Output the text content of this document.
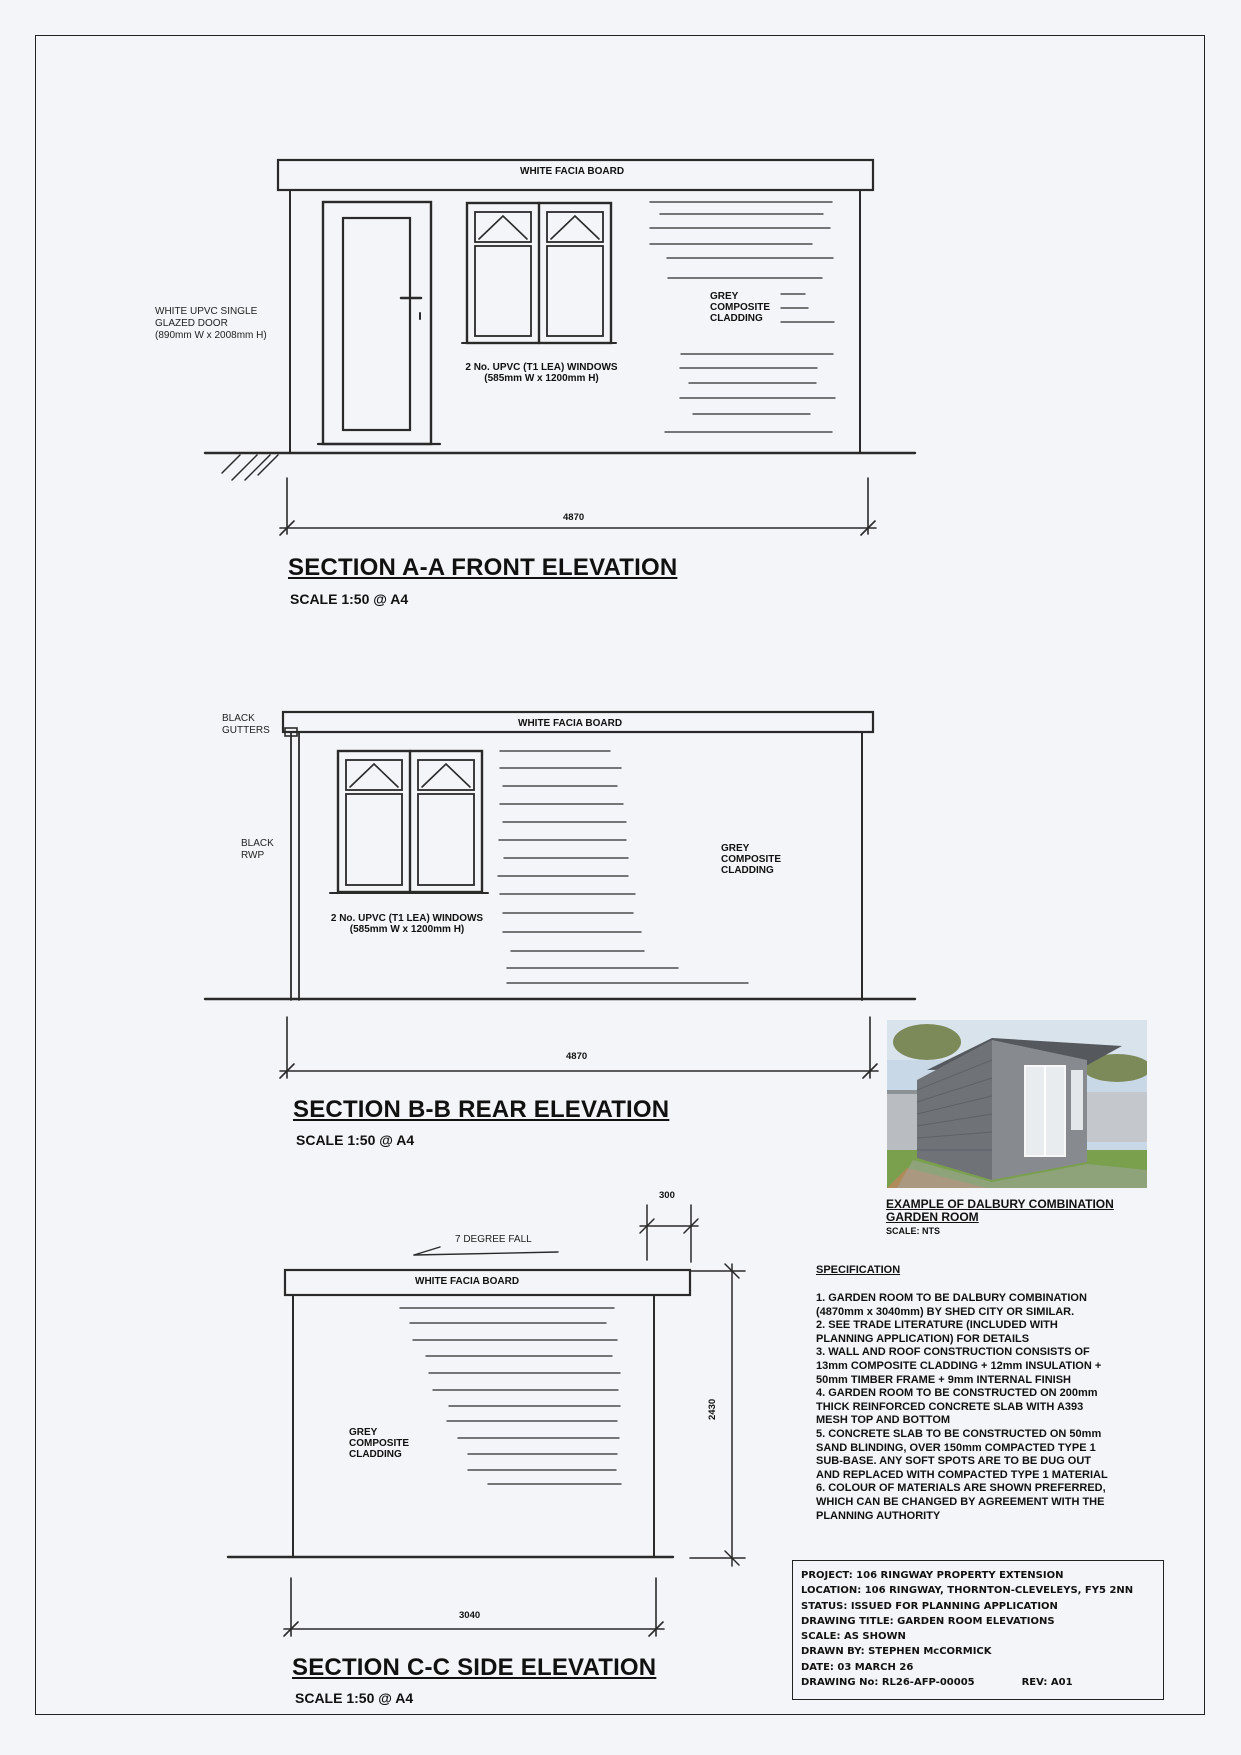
WHITE FACIA BOARD
WHITE UPVC SINGLE
GLAZED DOOR
(890mm W x 2008mm H)
2 No. UPVC (T1 LEA) WINDOWS
(585mm W x 1200mm H)
GREY
COMPOSITE
CLADDING
4870
SECTION A-A FRONT ELEVATION
SCALE 1:50 @ A4
WHITE FACIA BOARD
BLACK
GUTTERS
BLACK
RWP
2 No. UPVC (T1 LEA) WINDOWS
(585mm W x 1200mm H)
GREY
COMPOSITE
CLADDING
4870
SECTION B-B REAR ELEVATION
SCALE 1:50 @ A4
7 DEGREE FALL
300
WHITE FACIA BOARD
2430
GREY
COMPOSITE
CLADDING
3040
SECTION C-C SIDE ELEVATION
SCALE 1:50 @ A4
EXAMPLE OF DALBURY COMBINATION
GARDEN ROOM
SCALE: NTS
SPECIFICATION
1. GARDEN ROOM TO BE DALBURY COMBINATION
(4870mm x 3040mm) BY SHED CITY OR SIMILAR.
2. SEE TRADE LITERATURE (INCLUDED WITH
PLANNING APPLICATION) FOR DETAILS
3. WALL AND ROOF CONSTRUCTION CONSISTS OF
13mm COMPOSITE CLADDING + 12mm INSULATION +
50mm TIMBER FRAME + 9mm INTERNAL FINISH
4. GARDEN ROOM TO BE CONSTRUCTED ON 200mm
THICK REINFORCED CONCRETE SLAB WITH A393
MESH TOP AND BOTTOM
5. CONCRETE SLAB TO BE CONSTRUCTED ON 50mm
SAND BLINDING, OVER 150mm COMPACTED TYPE 1
SUB-BASE. ANY SOFT SPOTS ARE TO BE DUG OUT
AND REPLACED WITH COMPACTED TYPE 1 MATERIAL
6. COLOUR OF MATERIALS ARE SHOWN PREFERRED,
WHICH CAN BE CHANGED BY AGREEMENT WITH THE
PLANNING AUTHORITY
PROJECT: 106 RINGWAY PROPERTY EXTENSION
LOCATION: 106 RINGWAY, THORNTON-CLEVELEYS, FY5 2NN
STATUS: ISSUED FOR PLANNING APPLICATION
DRAWING TITLE: GARDEN ROOM ELEVATIONS
SCALE: AS SHOWN
DRAWN BY: STEPHEN McCORMICK
DATE: 03 MARCH 26
DRAWING No: RL26-AFP-00005	REV: A01
